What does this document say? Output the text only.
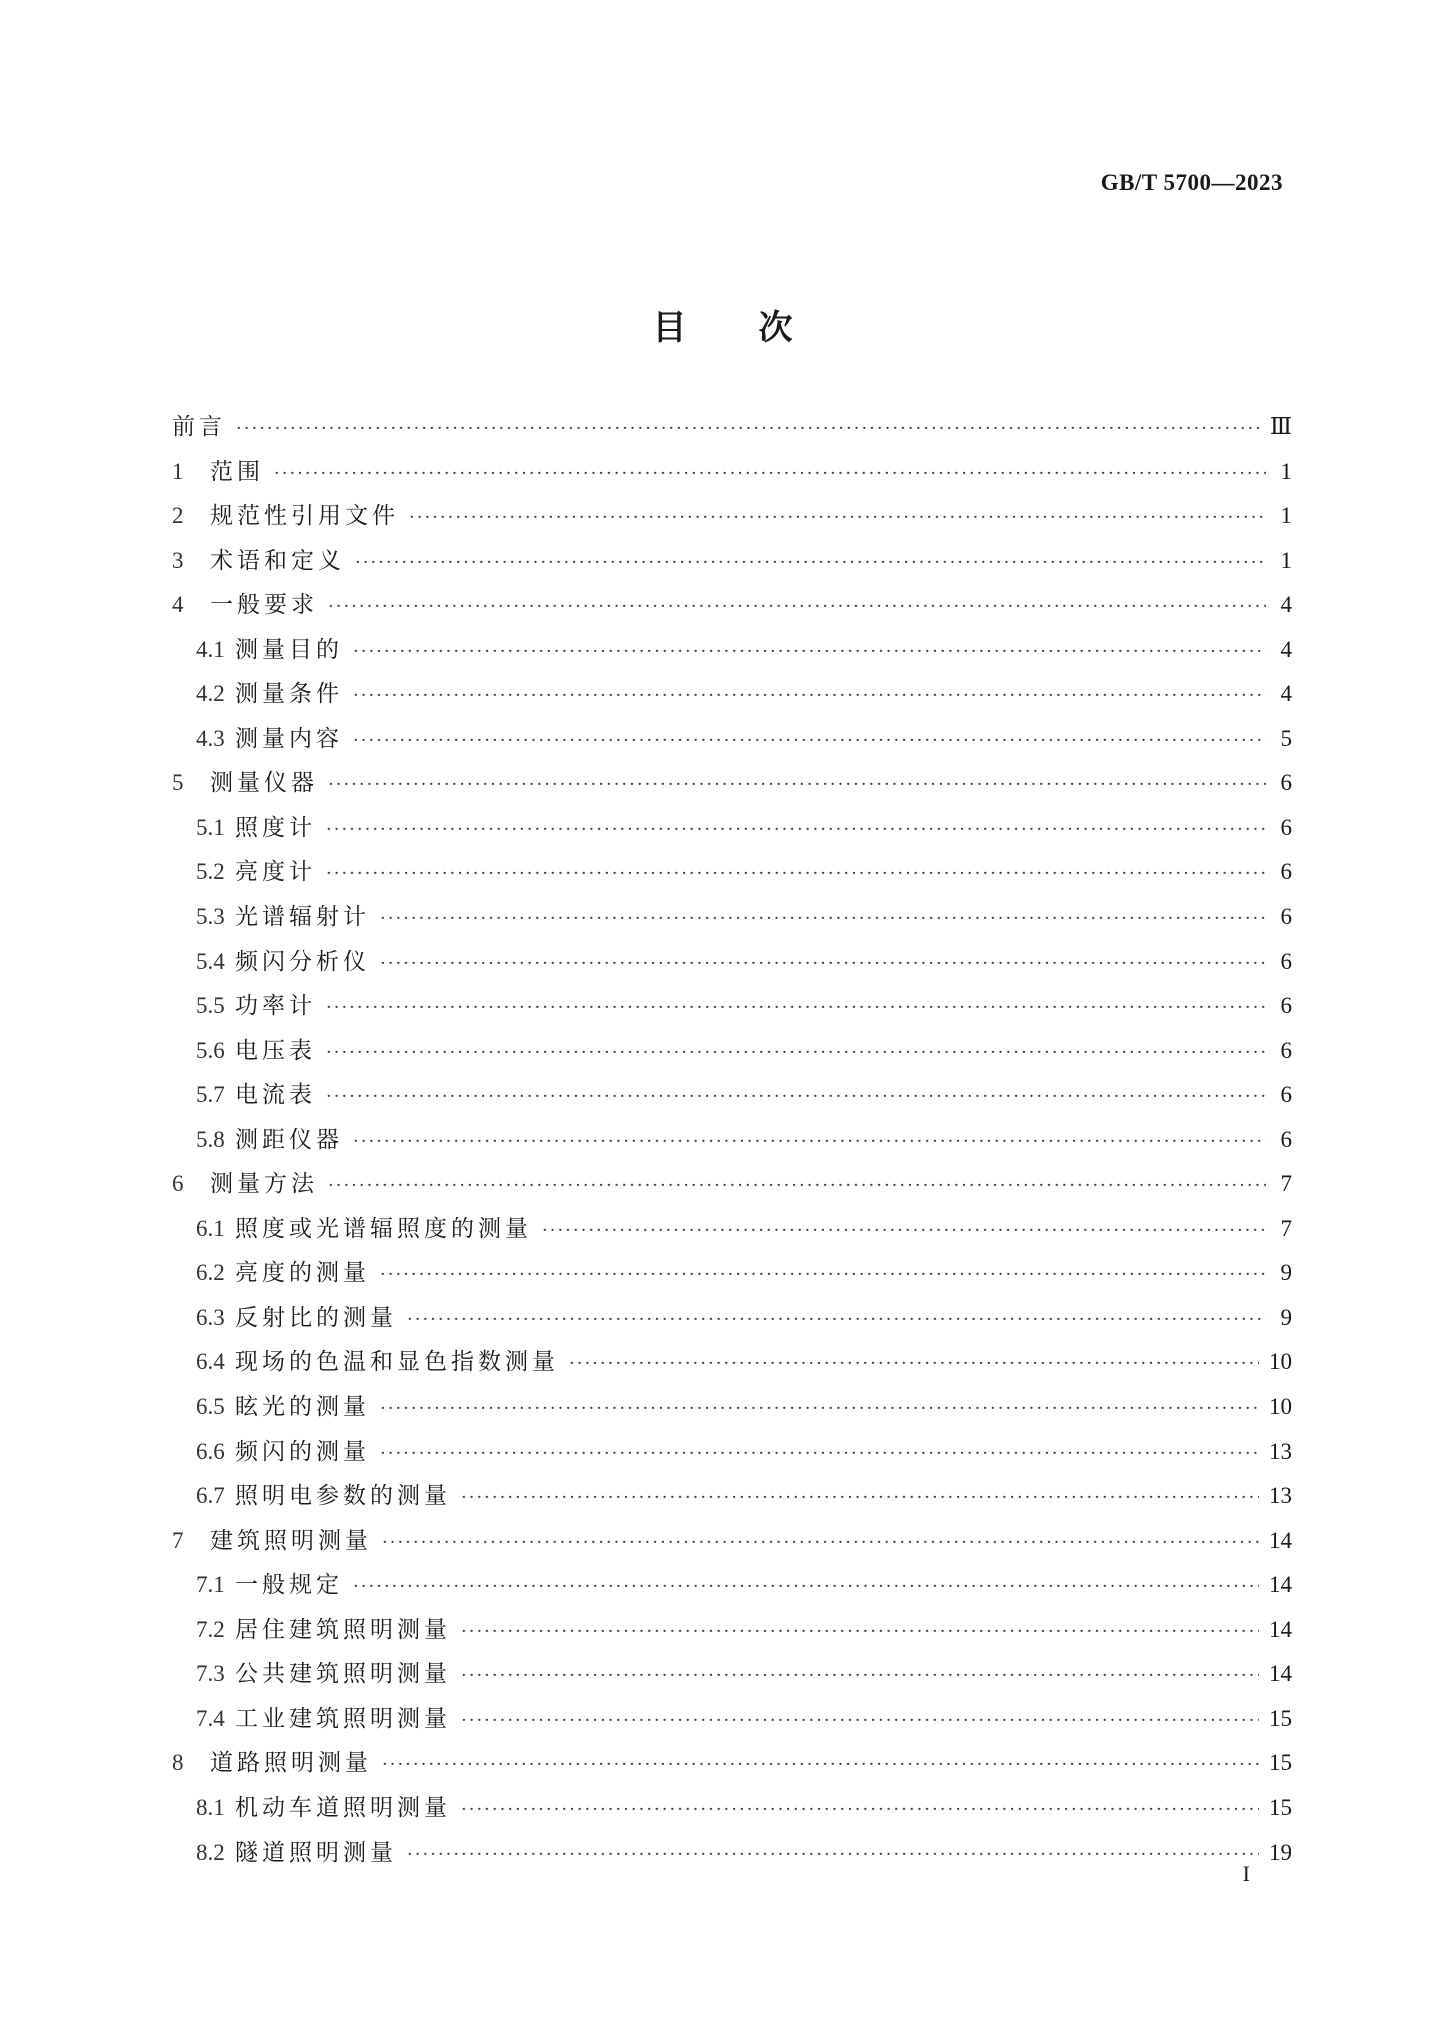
GB/T 5700—2023
目次
前言 ·····	Ⅲ
1	范围 ·····	1
2	规范性引用文件 ·····	1
3	术语和定义 ·····	1
4	一般要求 ·····	4
4.1 测量目的 ·····	4
4.2 测量条件 ·····	4
4.3 测量内容 ·····	5
5	测量仪器 ·····	6
5.1 照度计 ·····	6
5.2 亮度计 ·····	6
5.3 光谱辐射计 ·····	6
5.4 频闪分析仪 ·····	6
5.5 功率计 ·····	6
5.6 电压表 ·····	6
5.7 电流表 ·····	6
5.8 测距仪器 ·····	6
6	测量方法 ·····	7
6.1 照度或光谱辐照度的测量 ·····	7
6.2 亮度的测量 ·····	9
6.3 反射比的测量 ·····	9
6.4 现场的色温和显色指数测量 ·····	10
6.5 眩光的测量 ·····	10
6.6 频闪的测量 ·····	13
6.7 照明电参数的测量 ·····	13
7	建筑照明测量 ·····	14
7.1 一般规定 ·····	14
7.2 居住建筑照明测量 ·····	14
7.3 公共建筑照明测量 ·····	14
7.4 工业建筑照明测量 ·····	15
8	道路照明测量 ·····	15
8.1 机动车道照明测量 ·····	15
8.2 隧道照明测量 ·····	19
I
